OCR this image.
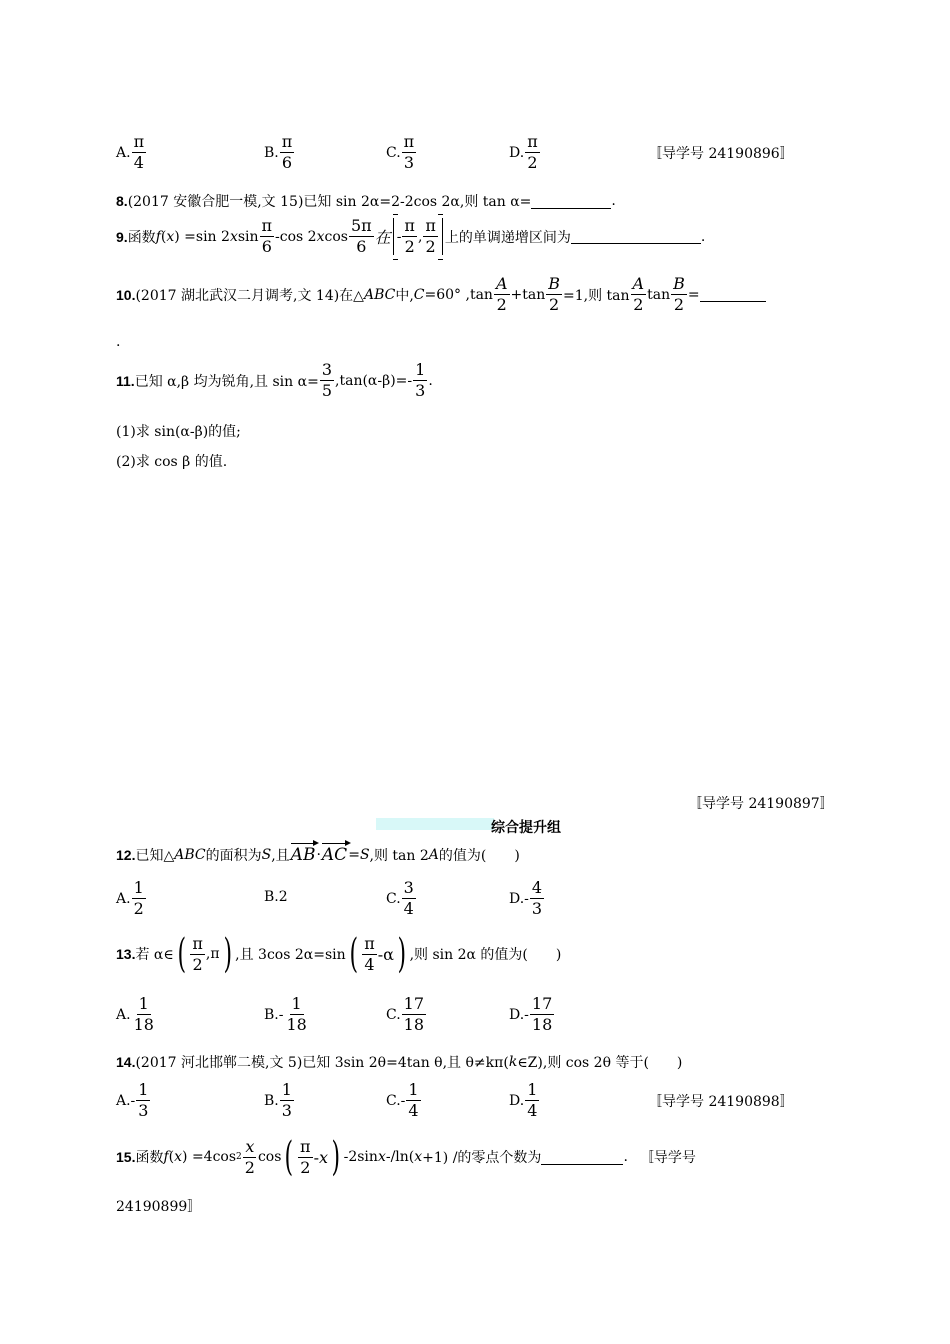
A. $\frac{\pi}{4}$	B. $\frac{\pi}{6}$	C. $\frac{\pi}{3}$	D. $\frac{\pi}{2}$	〚导学号 24190896〛
8. (2017 安徽合肥一模,文 15)已知 sin 2α=2-2cos 2α,则 tan α=	.
9. 函数 f ( x ) =sin 2 x $\sin \frac{\pi}{6} -\cos$ 2 x $\cos \frac{5\pi}{6}$ 在 - $\frac{\pi}{2}$ , $\frac{\pi}{2}$ 上的单调递增区间为	.
10. (2017 湖北武汉二月调考,文 14)在△ ABC 中, C =60° $,\tan \frac{A}{2} +\tan \frac{B}{2} =1$,则 $\tan \frac{A}{2}$ $\tan \frac{B}{2}$ =
.
11. 已知 α,β 均为锐角,且 $\sin \alpha= \frac{3}{5} ,\tan(\alpha-\beta)=- \frac{1}{3}$ .
(1)求 sin(α-β)的值;
(2)求 cos β 的值.
〚导学号 24190897〛
综合提升组
12. 已知△ ABC 的面积为 S ,且 AB · AC = S ,则 tan 2 A 的值为(　　)
A. $\frac{1}{2}$	B.2	C. $\frac{3}{4}$	$D.- \frac{4}{3}$
13. 若 α∈ ( $\frac{\pi}{2} ,\pi$ ) ,且 3cos 2α=sin ( $\frac{\pi}{4} -\alpha$ ) ,则 sin 2α 的值为(　　)
A. $\frac{1}{18}$	$B.- \frac{1}{18}$	C. $\frac{17}{18}$	$D.- \frac{17}{18}$
14. (2017 河北邯郸二模,文 5)已知 3sin 2θ=4tan θ,且 θ≠kπ( k ∈Z),则 cos 2θ 等于(　　)
$A.- \frac{1}{3}$	B. $\frac{1}{3}$	$C.- \frac{1}{4}$	D. $\frac{1}{4}$	〚导学号 24190898〛
15. 函数 f ( x ) =4cos $2 \frac{x}{2}$ cos ( $\frac{\pi}{2}$ - x ) -2sin x -/ln( x +1) /的零点个数为	. 〚导学号
24190899〛
